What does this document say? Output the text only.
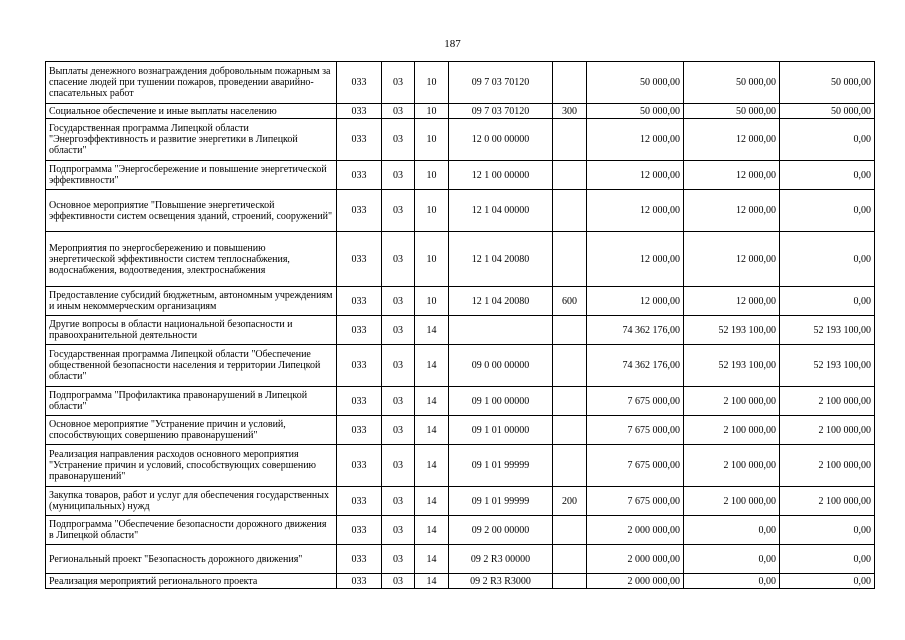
187
Выплаты денежного вознаграждения добровольным пожарным за спасение людей при тушении пожаров, проведении аварийно-спасательных работ	033	03	10	09 7 03 70120		50 000,00	50 000,00	50 000,00
Социальное обеспечение и иные выплаты населению	033	03	10	09 7 03 70120	300	50 000,00	50 000,00	50 000,00
Государственная программа Липецкой области "Энергоэффективность и развитие энергетики в Липецкой области"	033	03	10	12 0 00 00000		12 000,00	12 000,00	0,00
Подпрограмма "Энергосбережение и повышение энергетической эффективности"	033	03	10	12 1 00 00000		12 000,00	12 000,00	0,00
Основное мероприятие "Повышение энергетической эффективности систем освещения зданий, строений, сооружений"	033	03	10	12 1 04 00000		12 000,00	12 000,00	0,00
Мероприятия по энергосбережению и повышению энергетической эффективности систем теплоснабжения, водоснабжения, водоотведения, электроснабжения	033	03	10	12 1 04 20080		12 000,00	12 000,00	0,00
Предоставление субсидий бюджетным, автономным учреждениям и иным некоммерческим организациям	033	03	10	12 1 04 20080	600	12 000,00	12 000,00	0,00
Другие вопросы в области национальной безопасности и правоохранительной деятельности	033	03	14			74 362 176,00	52 193 100,00	52 193 100,00
Государственная программа Липецкой области "Обеспечение общественной безопасности населения и территории Липецкой области"	033	03	14	09 0 00 00000		74 362 176,00	52 193 100,00	52 193 100,00
Подпрограмма "Профилактика правонарушений в Липецкой области"	033	03	14	09 1 00 00000		7 675 000,00	2 100 000,00	2 100 000,00
Основное мероприятие "Устранение причин и условий, способствующих совершению правонарушений"	033	03	14	09 1 01 00000		7 675 000,00	2 100 000,00	2 100 000,00
Реализация направления расходов основного мероприятия "Устранение причин и условий, способствующих совершению правонарушений"	033	03	14	09 1 01 99999		7 675 000,00	2 100 000,00	2 100 000,00
Закупка товаров, работ и услуг для обеспечения государственных (муниципальных) нужд	033	03	14	09 1 01 99999	200	7 675 000,00	2 100 000,00	2 100 000,00
Подпрограмма "Обеспечение безопасности дорожного движения в Липецкой области"	033	03	14	09 2 00 00000		2 000 000,00	0,00	0,00
Региональный проект "Безопасность дорожного движения"	033	03	14	09 2 R3 00000		2 000 000,00	0,00	0,00
Реализация мероприятий регионального проекта	033	03	14	09 2 R3 R3000		2 000 000,00	0,00	0,00
